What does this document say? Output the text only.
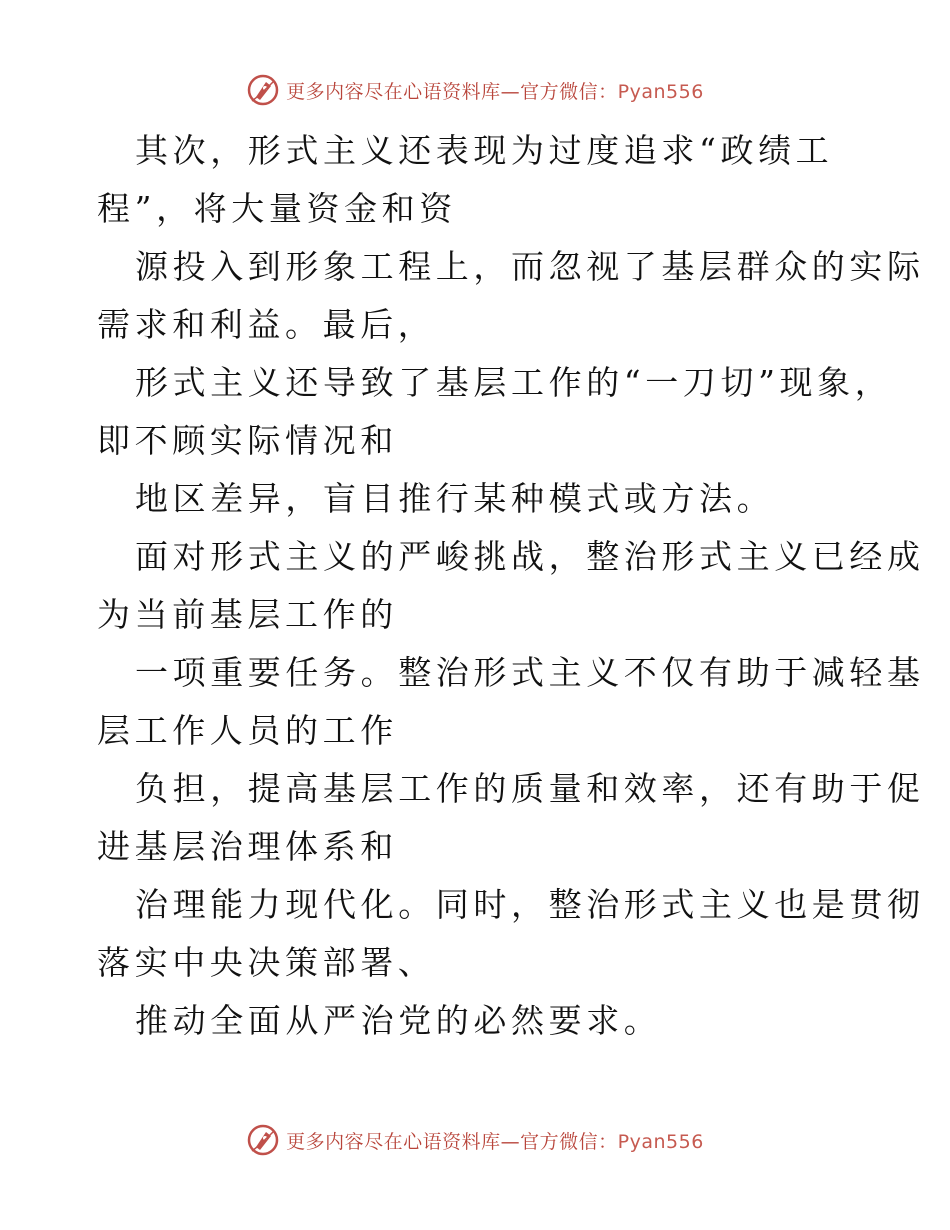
更多内容尽在心语资料库—官方微信：Pyan556
其次，形式主义还表现为过度追求“政绩工
程”，将大量资金和资
源投入到形象工程上，而忽视了基层群众的实际
需求和利益。最后，
形式主义还导致了基层工作的“一刀切”现象，
即不顾实际情况和
地区差异，盲目推行某种模式或方法。
面对形式主义的严峻挑战，整治形式主义已经成
为当前基层工作的
一项重要任务。整治形式主义不仅有助于减轻基
层工作人员的工作
负担，提高基层工作的质量和效率，还有助于促
进基层治理体系和
治理能力现代化。同时，整治形式主义也是贯彻
落实中央决策部署、
推动全面从严治党的必然要求。
更多内容尽在心语资料库—官方微信：Pyan556
